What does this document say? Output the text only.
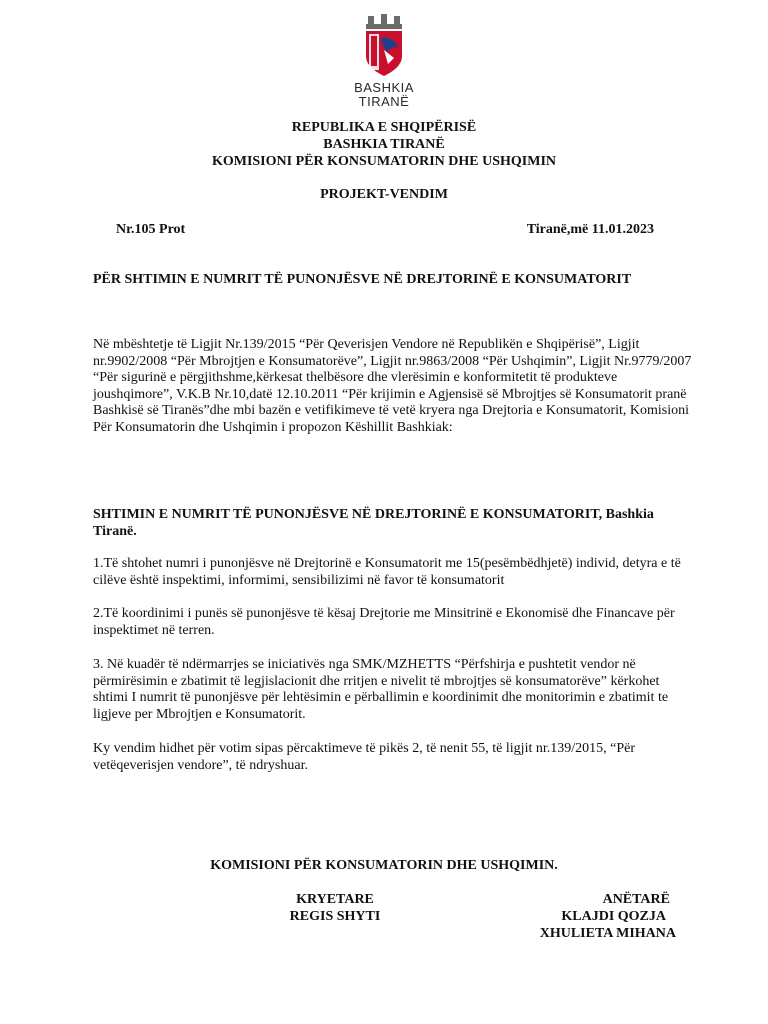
BASHKIA
TIRANË
REPUBLIKA E SHQIPËRISË
BASHKIA TIRANË
KOMISIONI PËR KONSUMATORIN DHE USHQIMIN
PROJEKT-VENDIM
Nr.105 Prot	Tiranë,më 11.01.2023
PËR SHTIMIN E NUMRIT TË PUNONJËSVE NË DREJTORINË E KONSUMATORIT
Në mbështetje të Ligjit Nr.139/2015 “Për Qeverisjen Vendore në Republikën e Shqipërisë”, Ligjit nr.9902/2008 “Për Mbrojtjen e Konsumatorëve”, Ligjit nr.9863/2008 “Për Ushqimin”, Ligjit Nr.9779/2007 “Për sigurinë e përgjithshme,kërkesat thelbësore dhe vlerësimin e konformitetit të produkteve joushqimore”, V.K.B Nr.10,datë 12.10.2011 “Për krijimin e Agjensisë së Mbrojtjes së Konsumatorit pranë Bashkisë së Tiranës”dhe mbi bazën e vetifikimeve të vetë kryera nga Drejtoria e Konsumatorit, Komisioni Për Konsumatorin dhe Ushqimin i propozon Këshillit Bashkiak:
SHTIMIN E NUMRIT TË PUNONJËSVE NË DREJTORINË E KONSUMATORIT, Bashkia Tiranë.
1.Të shtohet numri i punonjësve në Drejtorinë e Konsumatorit me 15(pesëmbëdhjetë) individ, detyra e të cilëve është inspektimi, informimi, sensibilizimi në favor të konsumatorit
2.Të koordinimi i punës së punonjësve të kësaj Drejtorie me Minsitrinë e Ekonomisë dhe Financave për inspektimet në terren.
3. Në kuadër të ndërmarrjes se iniciativës nga SMK/MZHETTS “Përfshirja e pushtetit vendor në përmirësimin e zbatimit të legjislacionit dhe rritjen e nivelit të mbrojtjes së konsumatorëve” kërkohet shtimi I numrit të punonjësve për lehtësimin e përballimin e koordinimit dhe monitorimin e zbatimit te ligjeve per Mbrojtjen e Konsumatorit.
Ky vendim hidhet për votim sipas përcaktimeve të pikës 2, të nenit 55, të ligjit nr.139/2015, “Për vetëqeverisjen vendore”, të ndryshuar.
KOMISIONI PËR KONSUMATORIN DHE USHQIMIN.
KRYETARE
REGIS SHYTI
ANËTARË
KLAJDI QOZJA
XHULIETA MIHANA
